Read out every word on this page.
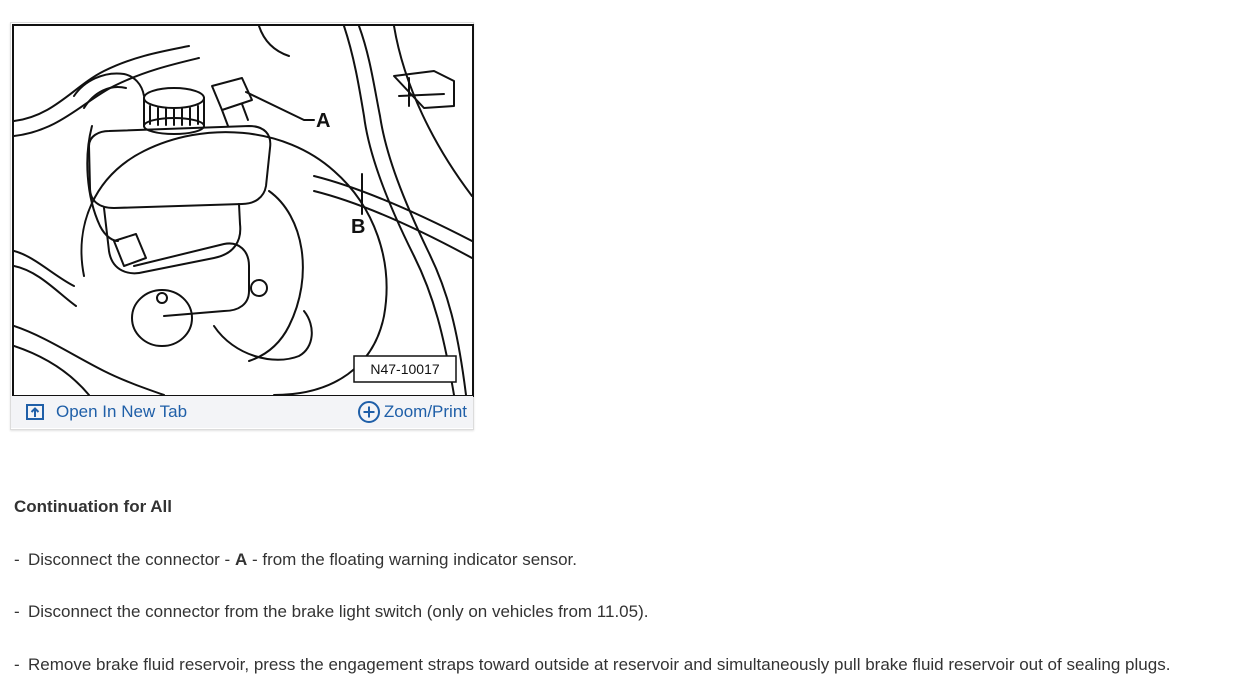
A
B
N47-10017
Open In New Tab	Zoom/Print
Continuation for All
- Disconnect the connector - A - from the floating warning indicator sensor.
- Disconnect the connector from the brake light switch (only on vehicles from 11.05).
- Remove brake fluid reservoir, press the engagement straps toward outside at reservoir and simultaneously pull brake fluid reservoir out of sealing plugs.
